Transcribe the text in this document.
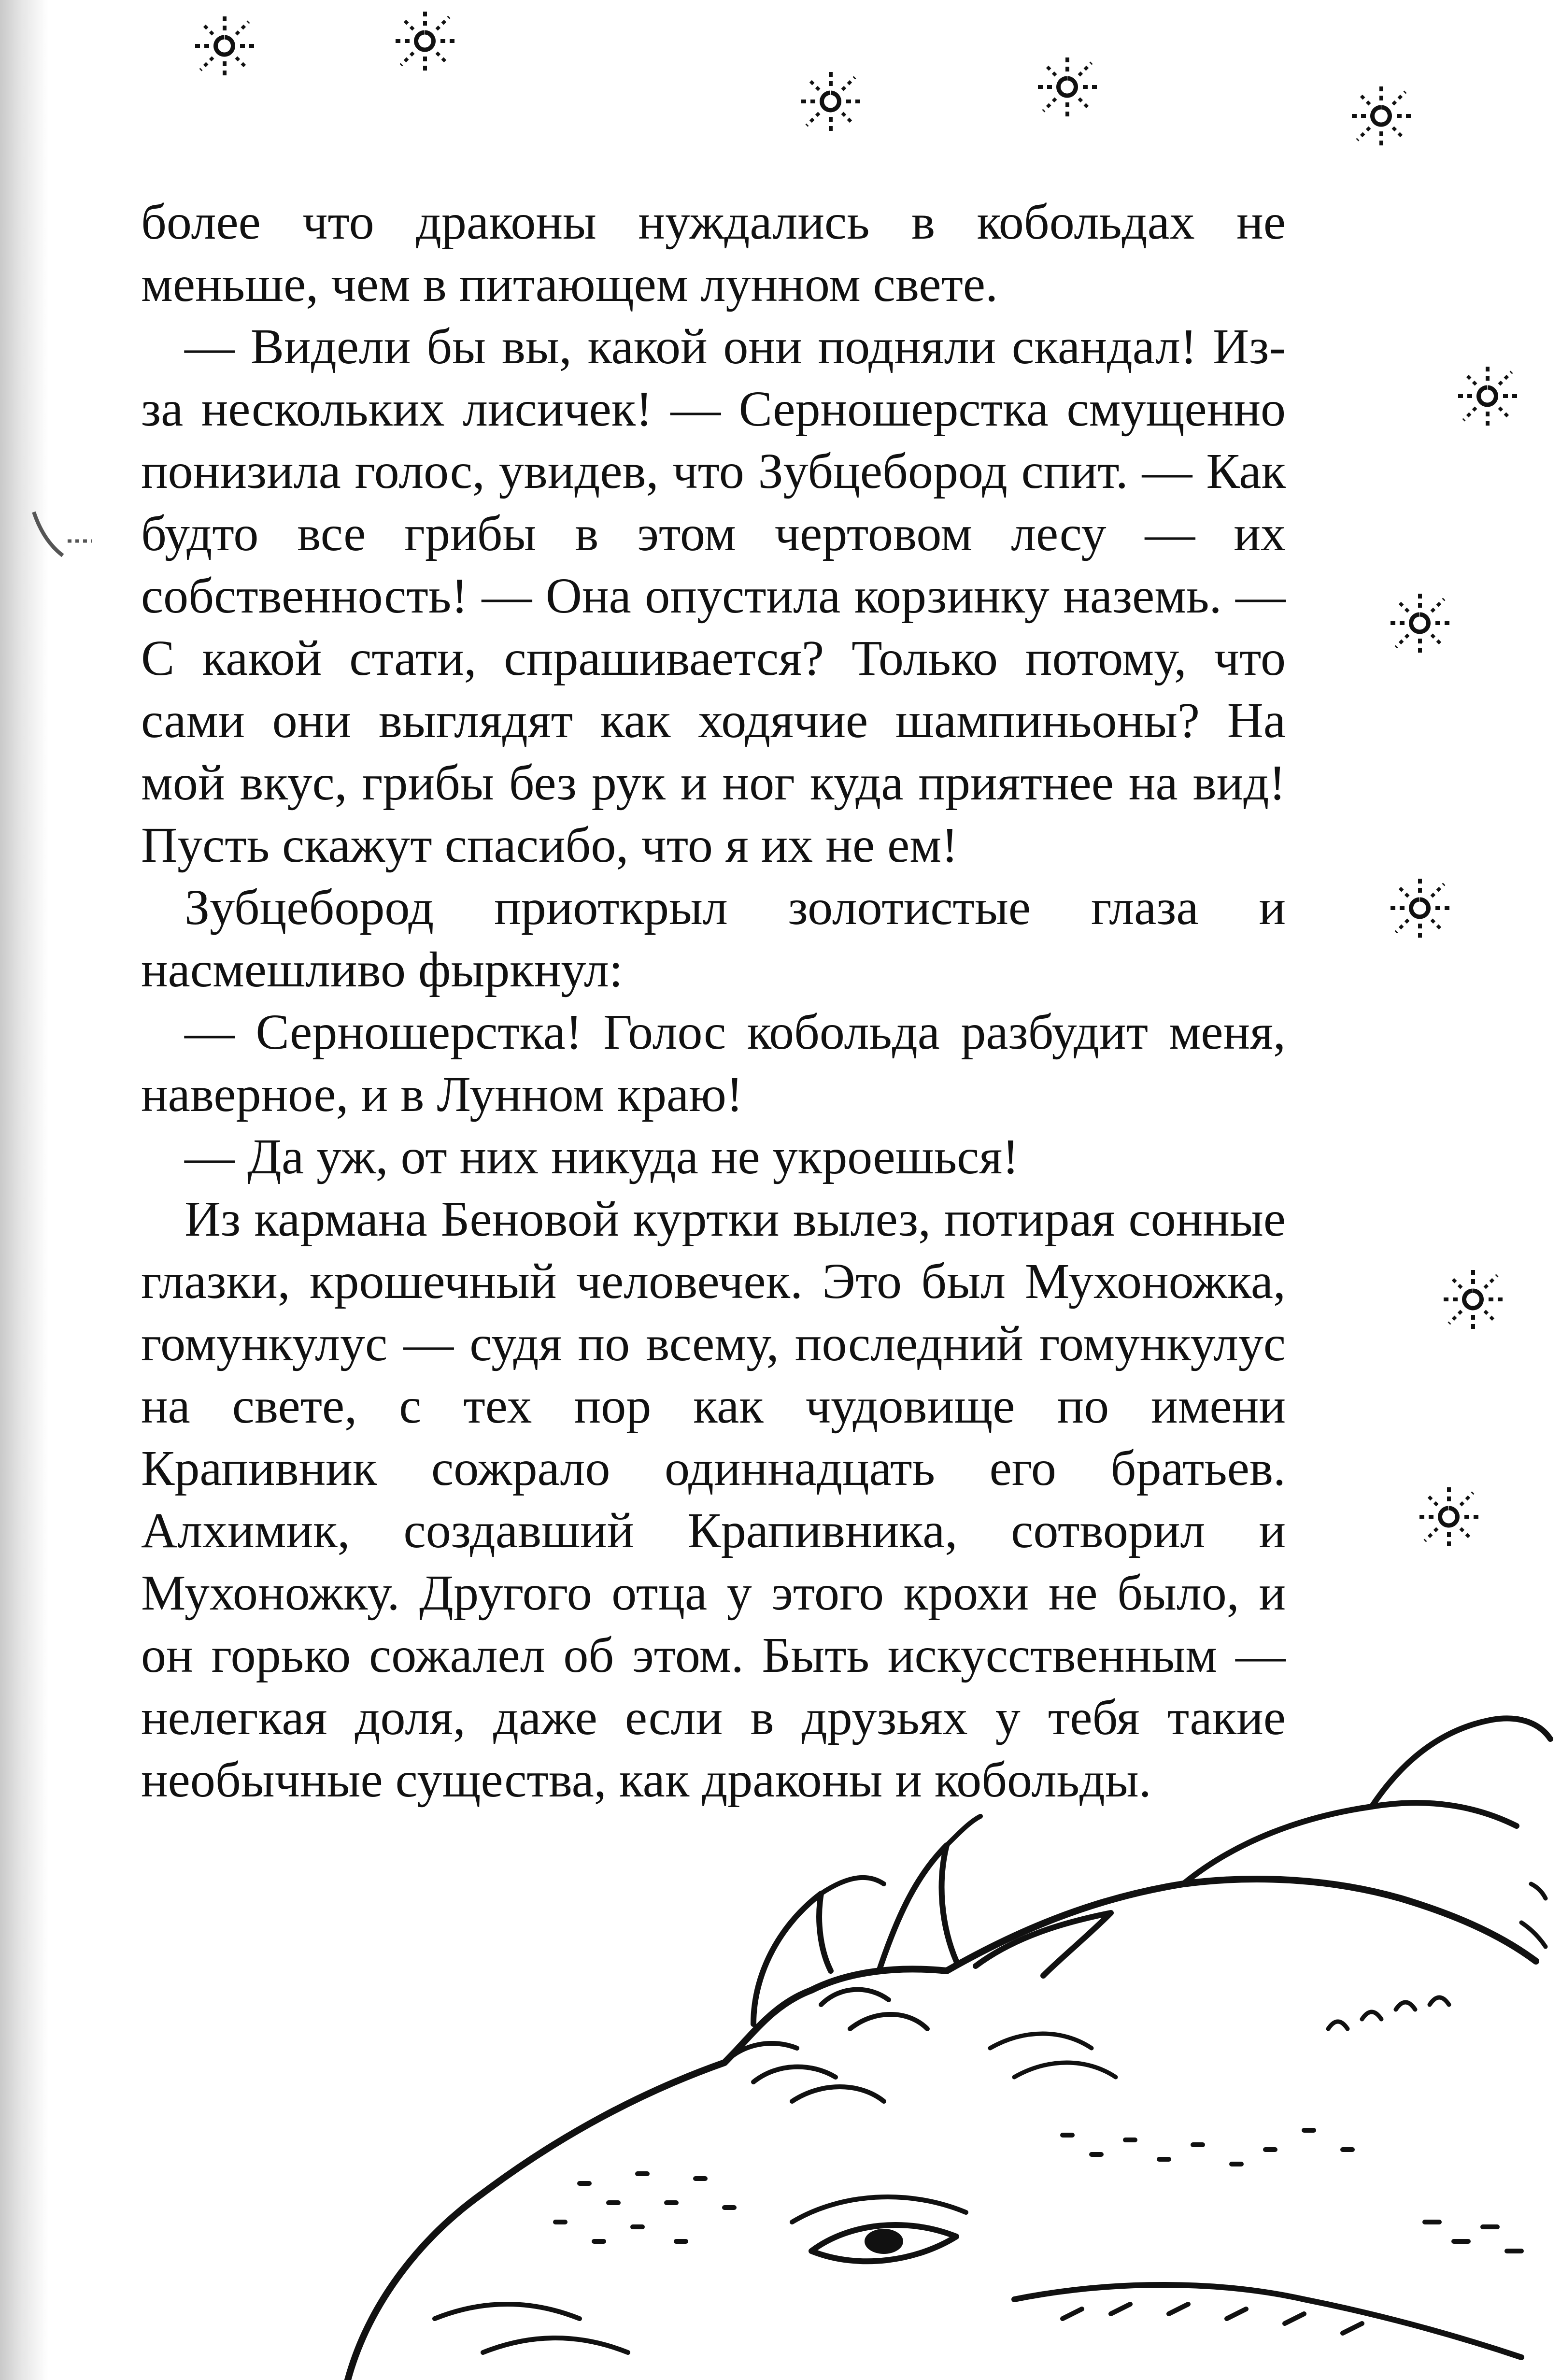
более что драконы нуждались в кобольдах не меньше, чем в питающем лунном свете.

— Видели бы вы, какой они подняли скандал! Из-за нескольких лисичек! — Серношерстка смущенно понизила голос, увидев, что Зубцебород спит. — Как будто все грибы в этом чертовом лесу — их собственность! — Она опустила корзинку наземь. — С какой стати, спрашивается? Только потому, что сами они выглядят как ходячие шампиньоны? На мой вкус, грибы без рук и ног куда приятнее на вид! Пусть скажут спасибо, что я их не ем!

Зубцебород приоткрыл золотистые глаза и насмешливо фыркнул:

— Серношерстка! Голос кобольда разбудит меня, наверное, и в Лунном краю!

— Да уж, от них никуда не укроешься!

Из кармана Беновой куртки вылез, потирая сонные глазки, крошечный человечек. Это был Мухоножка, гомункулус — судя по всему, последний гомункулус на свете, с тех пор как чудовище по имени Крапивник сожрало одиннадцать его братьев. Алхимик, создавший Крапивника, сотворил и Мухоножку. Другого отца у этого крохи не было, и он горько сожалел об этом. Быть искусственным — нелегкая доля, даже если в друзьях у тебя такие необычные существа, как драконы и кобольды.
